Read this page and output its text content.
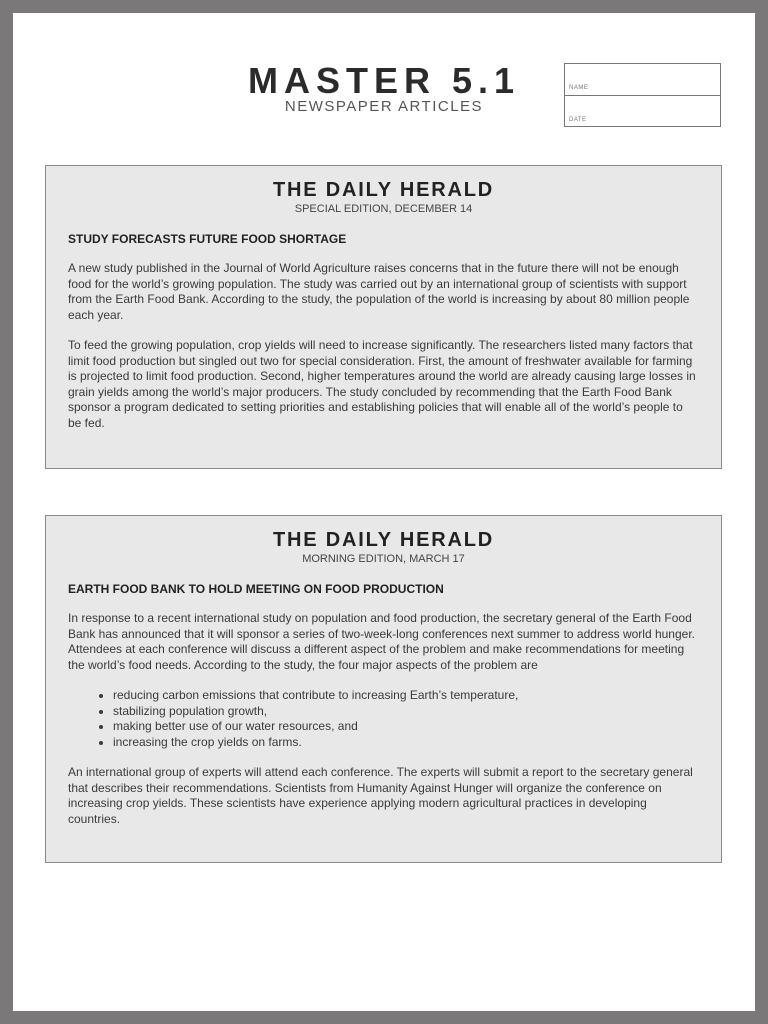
MASTER 5.1
NEWSPAPER ARTICLES
NAME
DATE
THE DAILY HERALD
SPECIAL EDITION, DECEMBER 14
STUDY FORECASTS FUTURE FOOD SHORTAGE

A new study published in the Journal of World Agriculture raises concerns that in the future there will not be enough food for the world’s growing population. The study was carried out by an international group of scientists with support from the Earth Food Bank. According to the study, the population of the world is increasing by about 80 million people each year.

To feed the growing population, crop yields will need to increase significantly. The researchers listed many factors that limit food production but singled out two for special consideration. First, the amount of freshwater available for farming is projected to limit food production. Second, higher temperatures around the world are already causing large losses in grain yields among the world’s major producers. The study concluded by recommending that the Earth Food Bank sponsor a program dedicated to setting priorities and establishing policies that will enable all of the world’s people to be fed.

THE DAILY HERALD
MORNING EDITION, MARCH 17
EARTH FOOD BANK TO HOLD MEETING ON FOOD PRODUCTION

In response to a recent international study on population and food production, the secretary general of the Earth Food Bank has announced that it will sponsor a series of two-week-long conferences next summer to address world hunger. Attendees at each conference will discuss a different aspect of the problem and make recommendations for meeting the world’s food needs. According to the study, the four major aspects of the problem are

• reducing carbon emissions that contribute to increasing Earth’s temperature,
• stabilizing population growth,
• making better use of our water resources, and
• increasing the crop yields on farms.

An international group of experts will attend each conference. The experts will submit a report to the secretary general that describes their recommendations. Scientists from Humanity Against Hunger will organize the conference on increasing crop yields. These scientists have experience applying modern agricultural practices in developing countries.
